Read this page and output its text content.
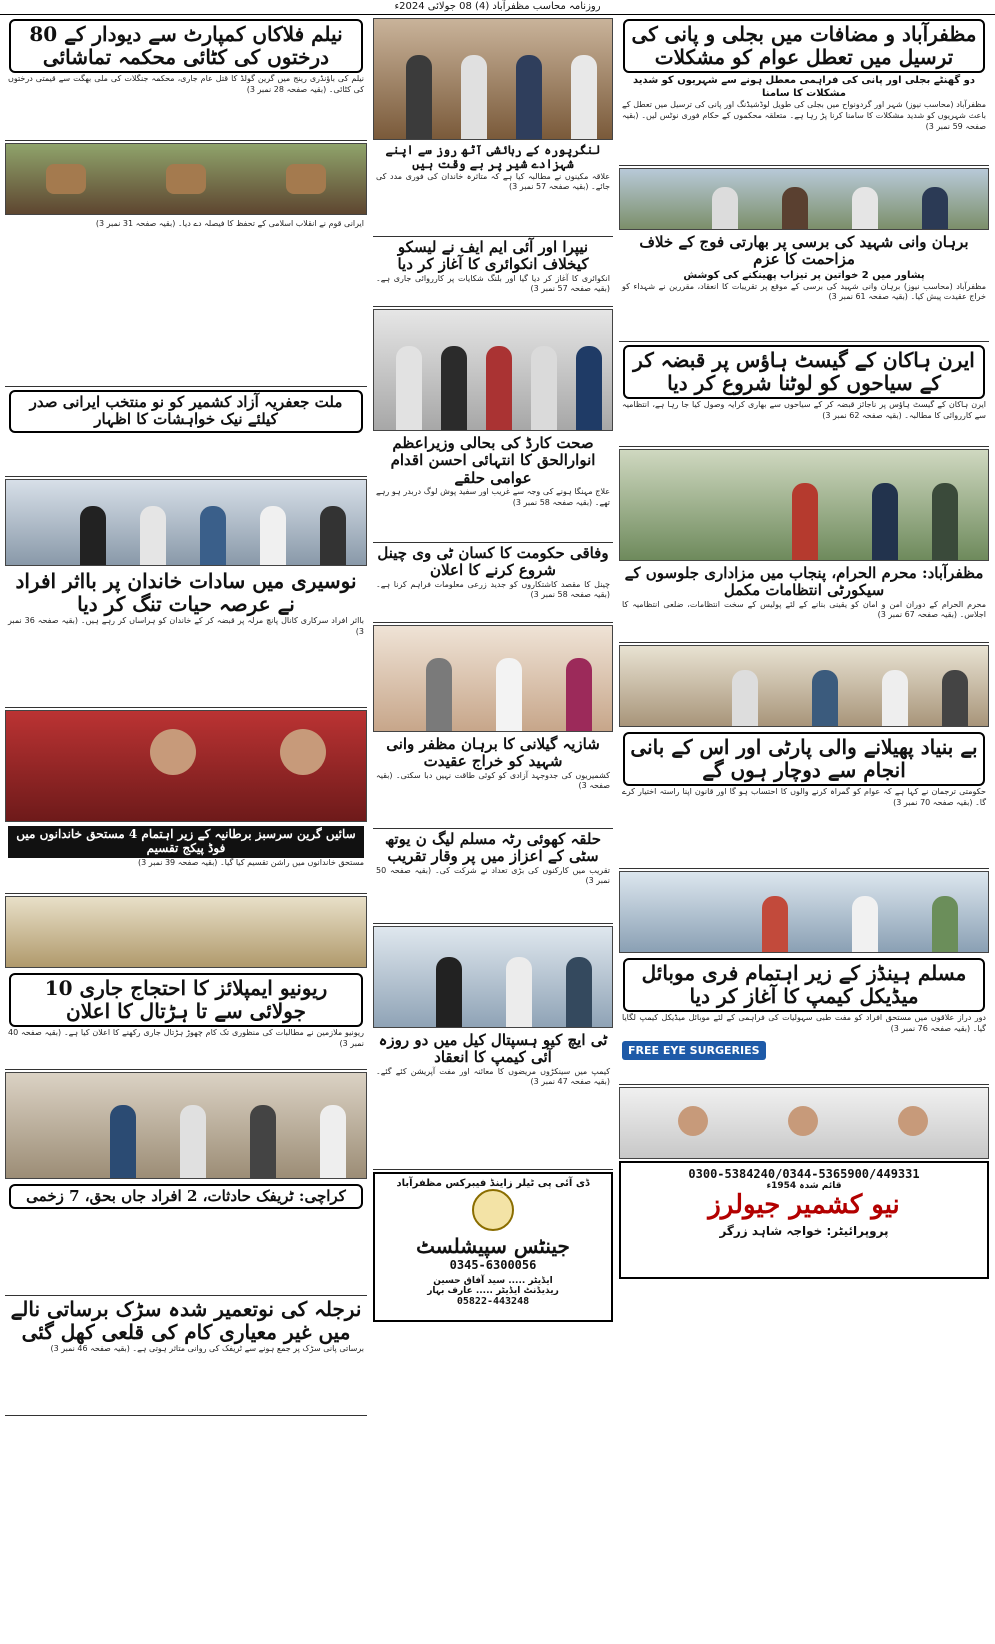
روزنامہ محاسب مظفرآباد (4) 08 جولائی 2024ء
مظفرآباد و مضافات میں بجلی و پانی کی ترسیل میں تعطل عوام کو مشکلات
دو گھنٹے بجلی اور پانی کی فراہمی معطل ہونے سے شہریوں کو شدید مشکلات کا سامنا
مظفرآباد (محاسب نیوز) شہر اور گردونواح میں بجلی کی طویل لوڈشیڈنگ اور پانی کی ترسیل میں تعطل کے باعث شہریوں کو شدید مشکلات کا سامنا کرنا پڑ رہا ہے۔ متعلقہ محکموں کے حکام فوری نوٹس لیں۔ (بقیہ صفحہ 59 نمبر 3)
برہان وانی شہید کی برسی پر بھارتی فوج کے خلاف مزاحمت کا عزم
پشاور میں 2 خواتین پر تیزاب پھینکنے کی کوشش
مظفرآباد (محاسب نیوز) برہان وانی شہید کی برسی کے موقع پر تقریبات کا انعقاد، مقررین نے شہداء کو خراج عقیدت پیش کیا۔ (بقیہ صفحہ 61 نمبر 3)
ایرن ہاکان کے گیسٹ ہاؤس پر قبضہ کر کے سیاحوں کو لوٹنا شروع کر دیا
ایرن ہاکان کے گیسٹ ہاؤس پر ناجائز قبضہ کر کے سیاحوں سے بھاری کرایہ وصول کیا جا رہا ہے، انتظامیہ سے کارروائی کا مطالبہ۔ (بقیہ صفحہ 62 نمبر 3)
مظفرآباد: محرم الحرام، پنجاب میں مزاداری جلوسوں کے سیکورٹی انتظامات مکمل
محرم الحرام کے دوران امن و امان کو یقینی بنانے کے لئے پولیس کے سخت انتظامات، ضلعی انتظامیہ کا اجلاس۔ (بقیہ صفحہ 67 نمبر 3)
بے بنیاد پھیلانے والی پارٹی اور اس کے بانی انجام سے دوچار ہوں گے
حکومتی ترجمان نے کہا ہے کہ عوام کو گمراہ کرنے والوں کا احتساب ہو گا اور قانون اپنا راستہ اختیار کرے گا۔ (بقیہ صفحہ 70 نمبر 3)
مسلم ہینڈز کے زیر اہتمام فری موبائل میڈیکل کیمپ کا آغاز کر دیا
دور دراز علاقوں میں مستحق افراد کو مفت طبی سہولیات کی فراہمی کے لئے موبائل میڈیکل کیمپ لگایا گیا۔ (بقیہ صفحہ 76 نمبر 3)
FREE EYE SURGERIES
0300-5384240/0344-5365900/449331
قائم شدہ 1954ء
نیو کشمیر جیولرز
پروپرائیٹر: خواجہ شاہد زرگر
لنگرپورہ کے رہائشی آٹھ روز سے اپنے شہزادے شیر پر بے وقت ہیں
علاقہ مکینوں نے مطالبہ کیا ہے کہ متاثرہ خاندان کی فوری مدد کی جائے۔ (بقیہ صفحہ 57 نمبر 3)
نیپرا اور آئی ایم ایف نے لیسکو کیخلاف انکوائری کا آغاز کر دیا
انکوائری کا آغاز کر دیا گیا اور بلنگ شکایات پر کارروائی جاری ہے۔ (بقیہ صفحہ 57 نمبر 3)
صحت کارڈ کی بحالی وزیراعظم انوارالحق کا انتہائی احسن اقدام عوامی حلقے
علاج مہنگا ہونے کی وجہ سے غریب اور سفید پوش لوگ دربدر ہو رہے تھے۔ (بقیہ صفحہ 58 نمبر 3)
وفاقی حکومت کا کسان ٹی وی چینل شروع کرنے کا اعلان
چینل کا مقصد کاشتکاروں کو جدید زرعی معلومات فراہم کرنا ہے۔ (بقیہ صفحہ 58 نمبر 3)
شازیہ گیلانی کا برہان مظفر وانی شہید کو خراج عقیدت
کشمیریوں کی جدوجہد آزادی کو کوئی طاقت نہیں دبا سکتی۔ (بقیہ صفحہ 3)
حلقہ کھوئی رٹہ مسلم لیگ ن یوتھ سٹی کے اعزاز میں پر وقار تقریب
تقریب میں کارکنوں کی بڑی تعداد نے شرکت کی۔ (بقیہ صفحہ 50 نمبر 3)
ٹی ایچ کیو ہسپتال کیل میں دو روزہ آئی کیمپ کا انعقاد
کیمپ میں سینکڑوں مریضوں کا معائنہ اور مفت آپریشن کئے گئے۔ (بقیہ صفحہ 47 نمبر 3)
ڈی آئی پی ٹیلر زاینڈ فیبرکس مظفرآباد
جینٹس سپیشلسٹ
0345-6300056
ایڈیٹر ..... سید آفاق حسین
ریذیڈنٹ ایڈیٹر ..... عارف بہار
05822-443248
نیلم فلاکاں کمپارٹ سے دیودار کے 80 درختوں کی کٹائی محکمہ تماشائی
نیلم کی باؤنڈری رینج میں گرین گولڈ کا قتل عام جاری، محکمہ جنگلات کی ملی بھگت سے قیمتی درختوں کی کٹائی۔ (بقیہ صفحہ 28 نمبر 3)
ایرانی قوم نے انقلاب اسلامی کے تحفظ کا فیصلہ دے دیا۔ (بقیہ صفحہ 31 نمبر 3)
ملت جعفریہ آزاد کشمیر کو نو منتخب ایرانی صدر کیلئے نیک خواہشات کا اظہار
نوسیری میں سادات خاندان پر بااثر افراد نے عرصہ حیات تنگ کر دیا
بااثر افراد سرکاری کانال پانچ مرلہ پر قبضہ کر کے خاندان کو ہراساں کر رہے ہیں۔ (بقیہ صفحہ 36 نمبر 3)
سائیں گرین سرسبز برطانیہ کے زیر اہتمام 4 مستحق خاندانوں میں فوڈ پیکج تقسیم
مستحق خاندانوں میں راشن تقسیم کیا گیا۔ (بقیہ صفحہ 39 نمبر 3)
ریونیو ایمپلائز کا احتجاج جاری 10 جولائی سے تا ہڑتال کا اعلان
ریونیو ملازمین نے مطالبات کی منظوری تک کام چھوڑ ہڑتال جاری رکھنے کا اعلان کیا ہے۔ (بقیہ صفحہ 40 نمبر 3)
کراچی: ٹریفک حادثات، 2 افراد جاں بحق، 7 زخمی
نرجلہ کی نوتعمیر شدہ سڑک برساتی نالے میں غیر معیاری کام کی قلعی کھل گئی
برساتی پانی سڑک پر جمع ہونے سے ٹریفک کی روانی متاثر ہوتی ہے۔ (بقیہ صفحہ 46 نمبر 3)
